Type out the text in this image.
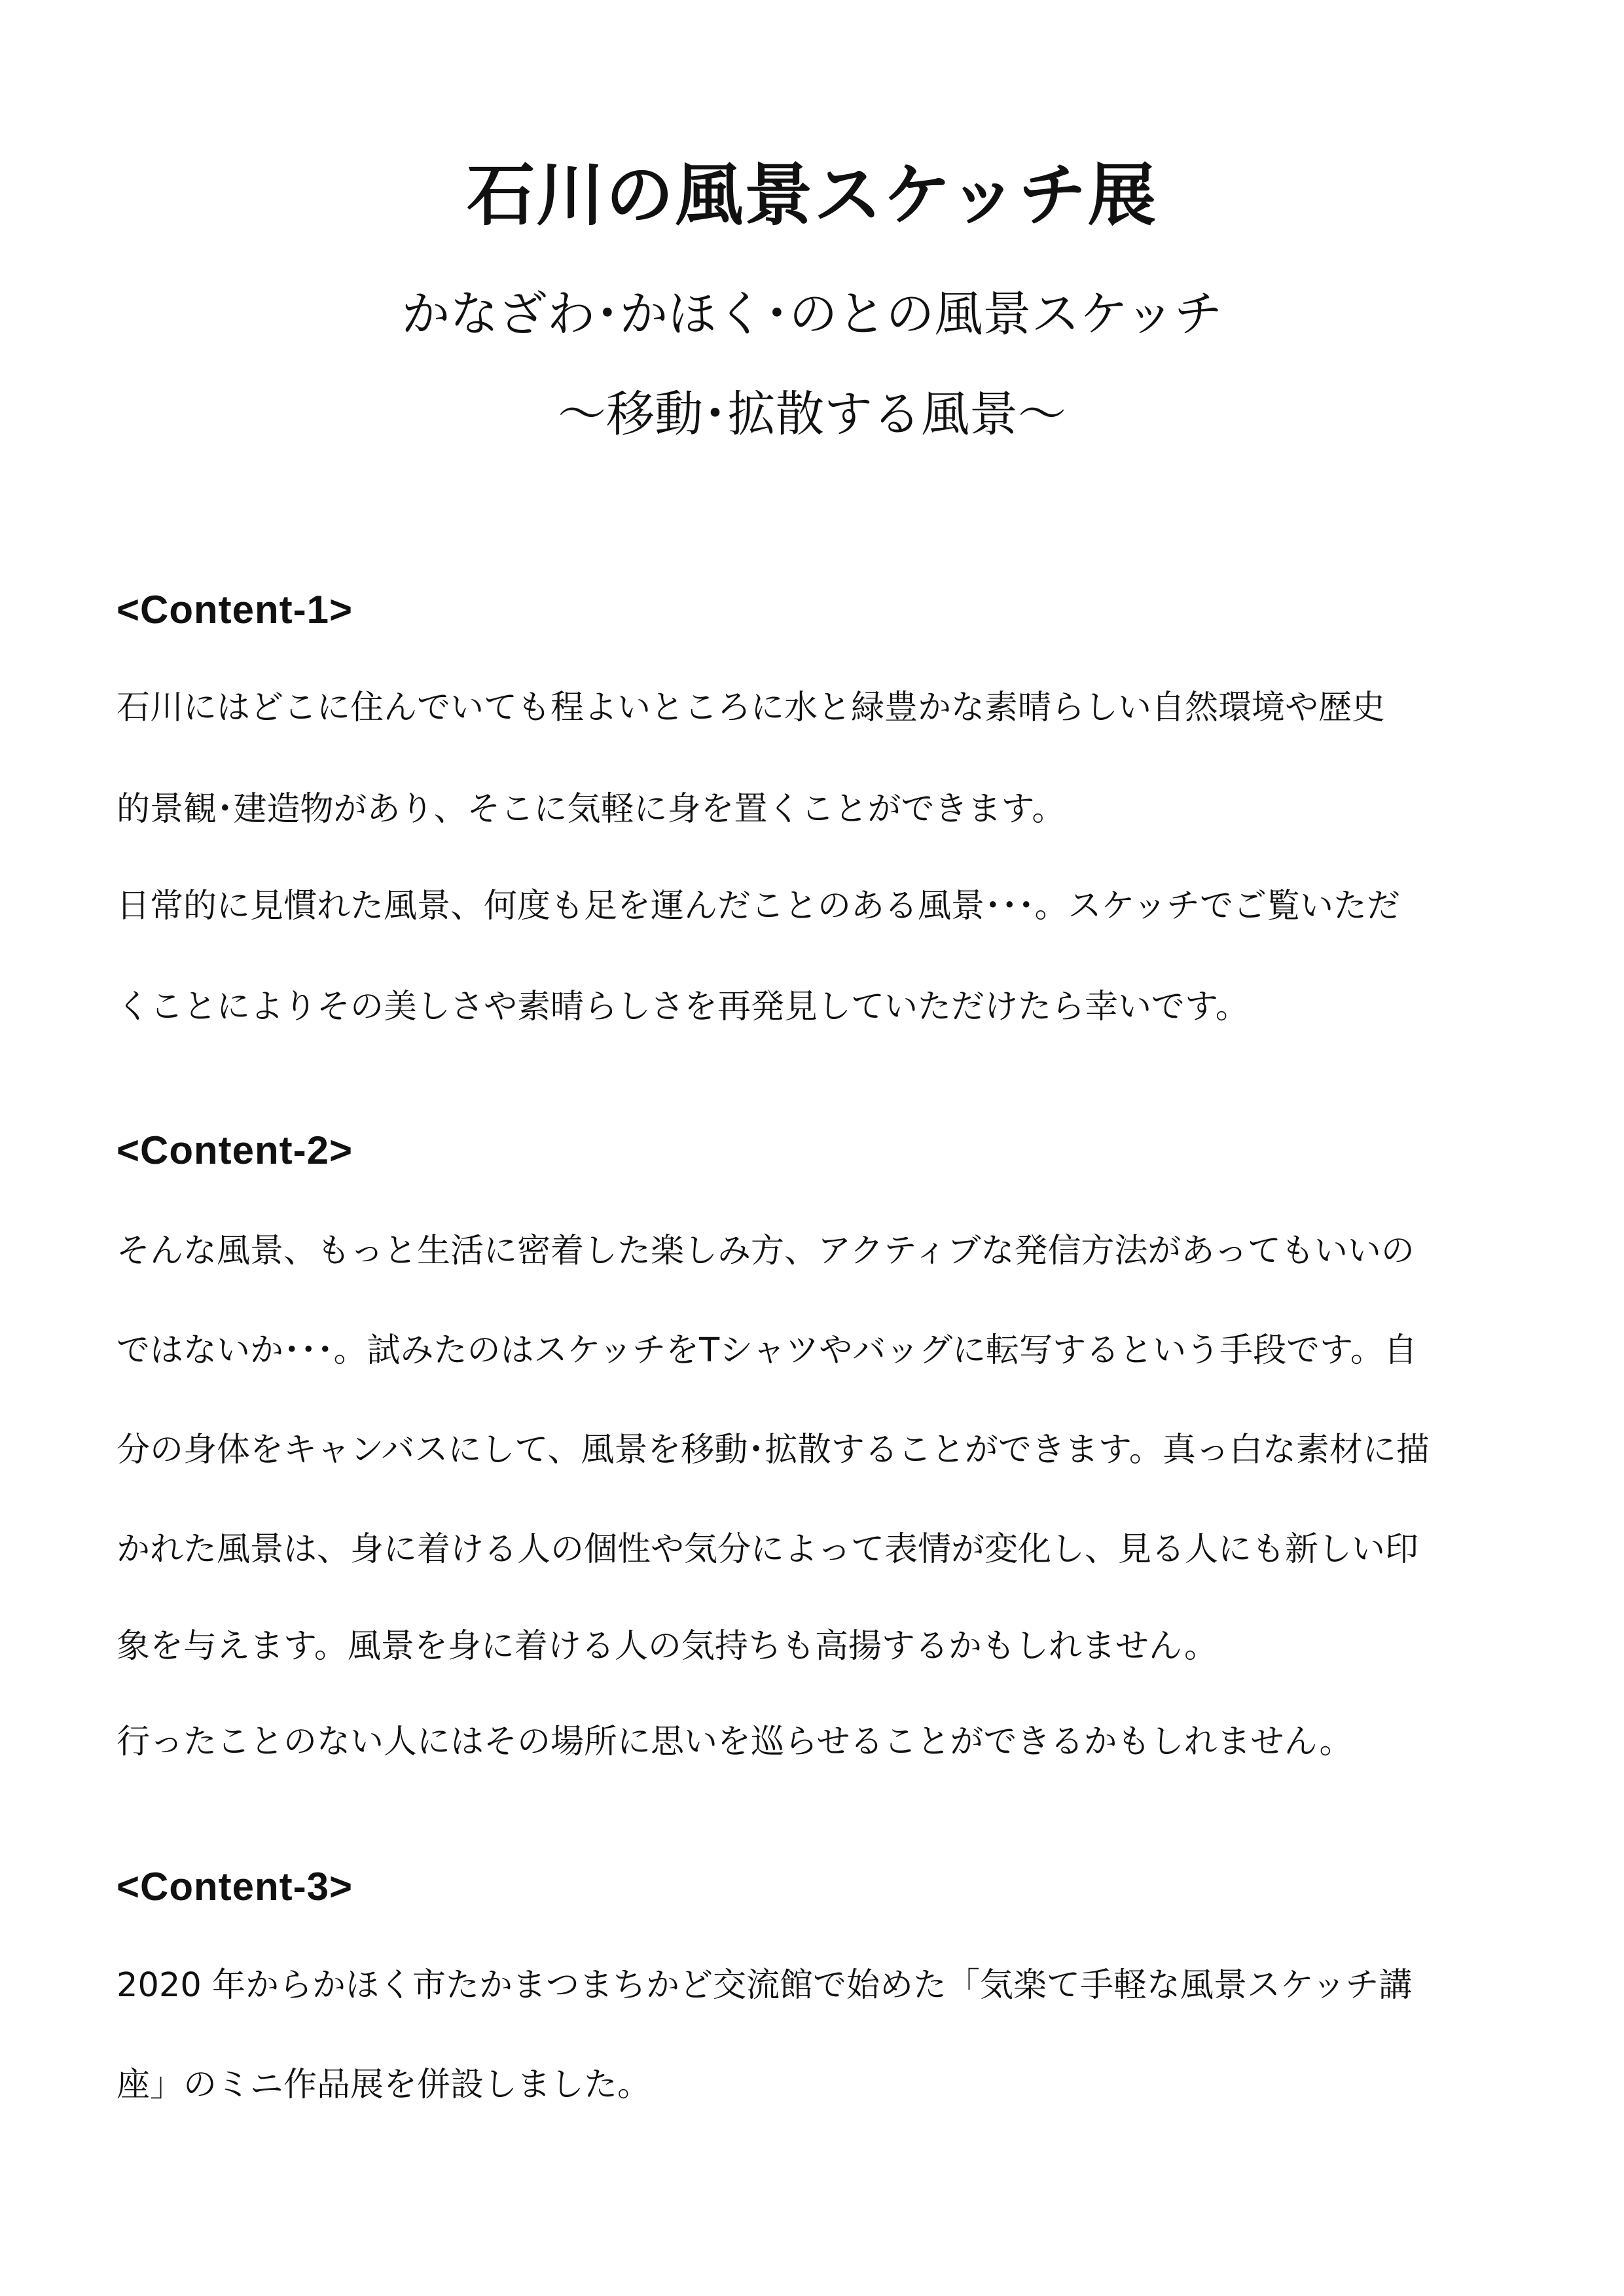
石川の風景スケッチ展
かなざわ･かほく･のとの風景スケッチ
～移動･拡散する風景～
<Content-1>
石川にはどこに住んでいても程よいところに水と緑豊かな素晴らしい自然環境や歴史
的景観･建造物があり、そこに気軽に身を置くことができます。
日常的に見慣れた風景、何度も足を運んだことのある風景･･･。スケッチでご覧いただ
くことによりその美しさや素晴らしさを再発見していただけたら幸いです。
<Content-2>
そんな風景、もっと生活に密着した楽しみ方、アクティブな発信方法があってもいいの
ではないか･･･。試みたのはスケッチをTシャツやバッグに転写するという手段です。自
分の身体をキャンバスにして、風景を移動･拡散することができます。真っ白な素材に描
かれた風景は、身に着ける人の個性や気分によって表情が変化し、見る人にも新しい印
象を与えます。風景を身に着ける人の気持ちも高揚するかもしれません。
行ったことのない人にはその場所に思いを巡らせることができるかもしれません。
<Content-3>
2020 年からかほく市たかまつまちかど交流館で始めた「気楽て手軽な風景スケッチ講
座」のミニ作品展を併設しました。
